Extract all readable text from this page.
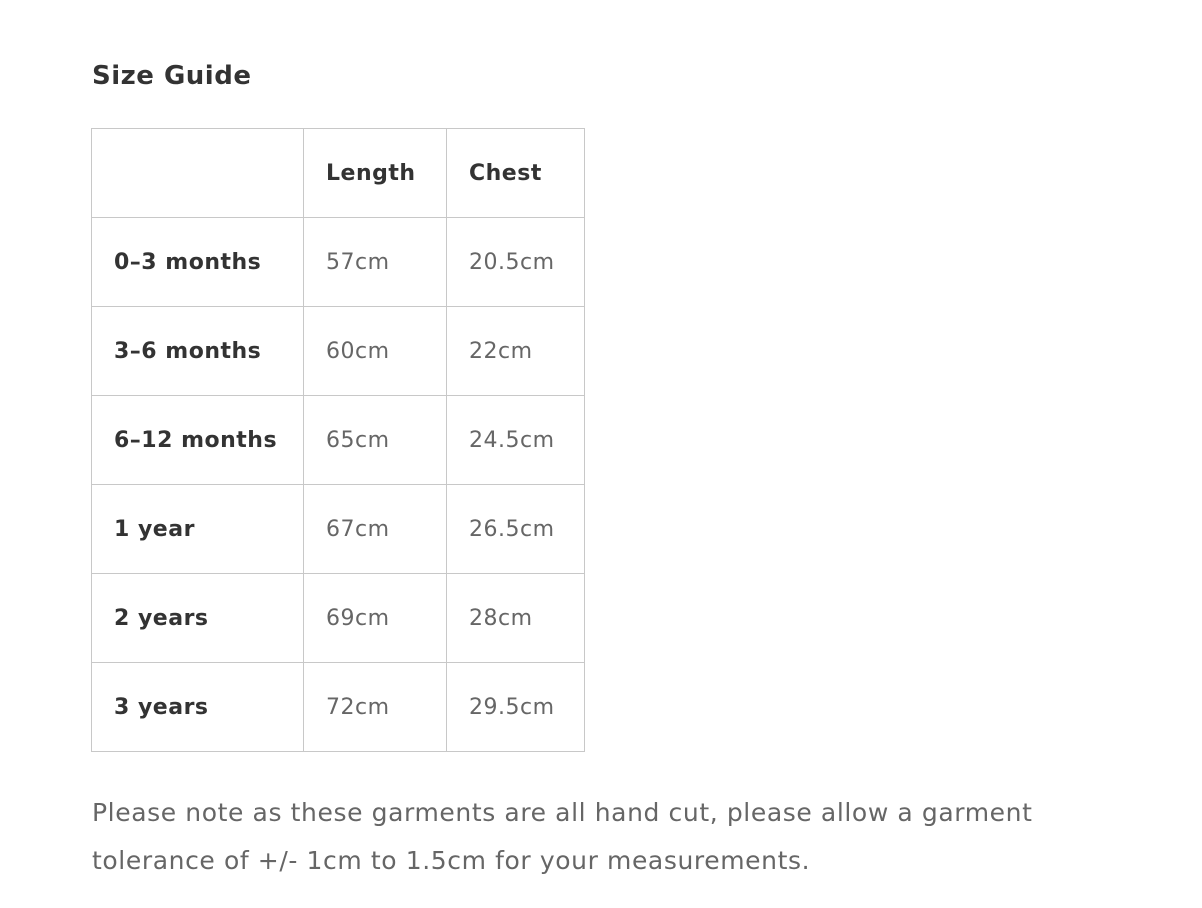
Size Guide
	Length	Chest
0–3 months	57cm	20.5cm
3–6 months	60cm	22cm
6–12 months	65cm	24.5cm
1 year	67cm	26.5cm
2 years	69cm	28cm
3 years	72cm	29.5cm

Please note as these garments are all hand cut, please allow a garment tolerance of +/- 1cm to 1.5cm for your measurements.
